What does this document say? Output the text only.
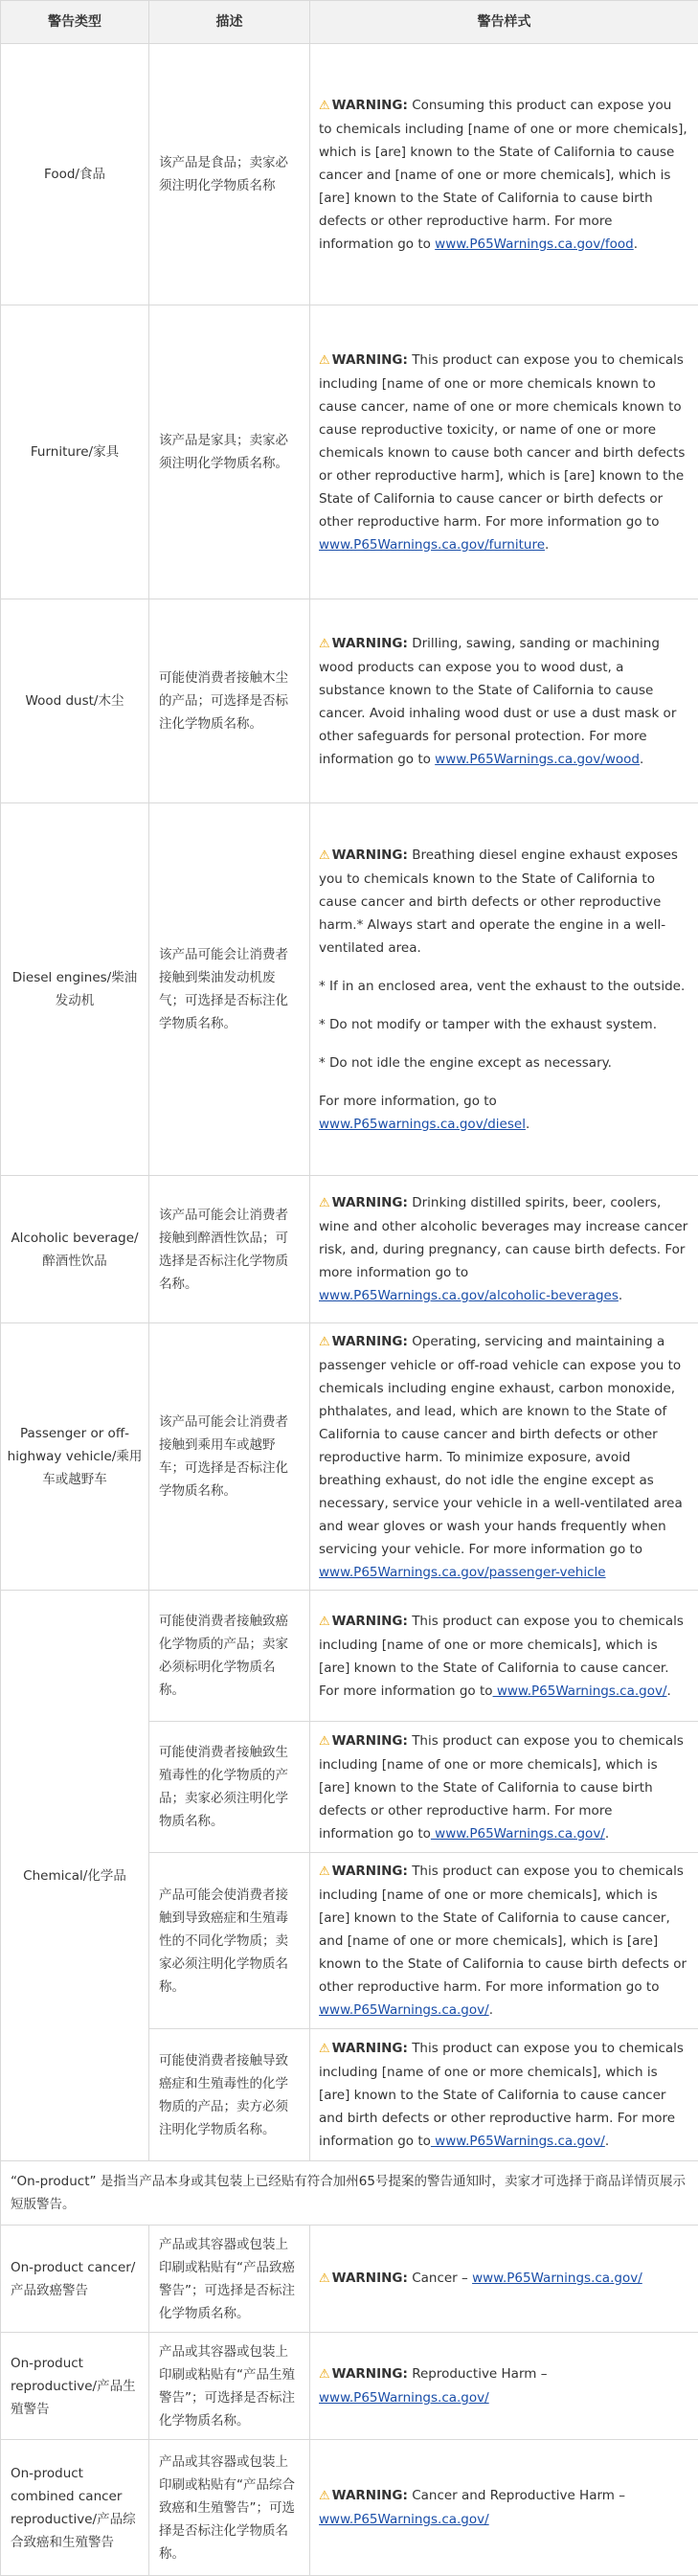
警告类型	描述	警告样式
Food/食品	该产品是食品；卖家必须注明化学物质名称	⚠ WARNING: Consuming this product can expose you to chemicals including [name of one or more chemicals], which is [are] known to the State of California to cause cancer and [name of one or more chemicals], which is [are] known to the State of California to cause birth defects or other reproductive harm. For more information go to www.P65Warnings.ca.gov/food.
Furniture/家具	该产品是家具；卖家必须注明化学物质名称。	⚠ WARNING: This product can expose you to chemicals including [name of one or more chemicals known to cause cancer, name of one or more chemicals known to cause reproductive toxicity, or name of one or more chemicals known to cause both cancer and birth defects or other reproductive harm], which is [are] known to the State of California to cause cancer or birth defects or other reproductive harm. For more information go to www.P65Warnings.ca.gov/furniture.
Wood dust/木尘	可能使消费者接触木尘的产品；可选择是否标注化学物质名称。	⚠ WARNING: Drilling, sawing, sanding or machining wood products can expose you to wood dust, a substance known to the State of California to cause cancer. Avoid inhaling wood dust or use a dust mask or other safeguards for personal protection. For more information go to www.P65Warnings.ca.gov/wood.
Diesel engines/柴油发动机	该产品可能会让消费者接触到柴油发动机废气；可选择是否标注化学物质名称。	⚠ WARNING: Breathing diesel engine exhaust exposes you to chemicals known to the State of California to cause cancer and birth defects or other reproductive harm.* Always start and operate the engine in a well-ventilated area.

* If in an enclosed area, vent the exhaust to the outside.

* Do not modify or tamper with the exhaust system.

* Do not idle the engine except as necessary.

For more information, go to www.P65warnings.ca.gov/diesel.

Alcoholic beverage/醉酒性饮品	该产品可能会让消费者接触到醉酒性饮品；可选择是否标注化学物质名称。	⚠ WARNING: Drinking distilled spirits, beer, coolers, wine and other alcoholic beverages may increase cancer risk, and, during pregnancy, can cause birth defects. For more information go to www.P65Warnings.ca.gov/alcoholic-beverages.
Passenger or off-highway vehicle/乘用车或越野车	该产品可能会让消费者接触到乘用车或越野车；可选择是否标注化学物质名称。	⚠ WARNING: Operating, servicing and maintaining a passenger vehicle or off-road vehicle can expose you to chemicals including engine exhaust, carbon monoxide, phthalates, and lead, which are known to the State of California to cause cancer and birth defects or other reproductive harm. To minimize exposure, avoid breathing exhaust, do not idle the engine except as necessary, service your vehicle in a well-ventilated area and wear gloves or wash your hands frequently when servicing your vehicle. For more information go to www.P65Warnings.ca.gov/passenger-vehicle
Chemical/化学品	可能使消费者接触致癌化学物质的产品；卖家必须标明化学物质名称。	⚠ WARNING: This product can expose you to chemicals including [name of one or more chemicals], which is [are] known to the State of California to cause cancer. For more information go to www.P65Warnings.ca.gov/.
	可能使消费者接触致生殖毒性的化学物质的产品；卖家必须注明化学物质名称。	⚠ WARNING: This product can expose you to chemicals including [name of one or more chemicals], which is [are] known to the State of California to cause birth defects or other reproductive harm. For more information go to www.P65Warnings.ca.gov/.
	产品可能会使消费者接触到导致癌症和生殖毒性的不同化学物质；卖家必须注明化学物质名称。	⚠ WARNING: This product can expose you to chemicals including [name of one or more chemicals], which is [are] known to the State of California to cause cancer, and [name of one or more chemicals], which is [are] known to the State of California to cause birth defects or other reproductive harm. For more information go to www.P65Warnings.ca.gov/.
	可能使消费者接触导致癌症和生殖毒性的化学物质的产品；卖方必须注明化学物质名称。	⚠ WARNING: This product can expose you to chemicals including [name of one or more chemicals], which is [are] known to the State of California to cause cancer and birth defects or other reproductive harm. For more information go to www.P65Warnings.ca.gov/.
“On-product” 是指当产品本身或其包装上已经贴有符合加州65号提案的警告通知时，卖家才可选择于商品详情页展示短版警告。		
On-product cancer/产品致癌警告	产品或其容器或包装上印刷或粘贴有“产品致癌警告”；可选择是否标注化学物质名称。	⚠ WARNING: Cancer – www.P65Warnings.ca.gov/
On-product reproductive/产品生殖警告	产品或其容器或包装上印刷或粘贴有“产品生殖警告”；可选择是否标注化学物质名称。	⚠ WARNING: Reproductive Harm – www.P65Warnings.ca.gov/
On-product combined cancer reproductive/产品综合致癌和生殖警告	产品或其容器或包装上印刷或粘贴有“产品综合致癌和生殖警告”；可选择是否标注化学物质名称。	⚠ WARNING: Cancer and Reproductive Harm – www.P65Warnings.ca.gov/
